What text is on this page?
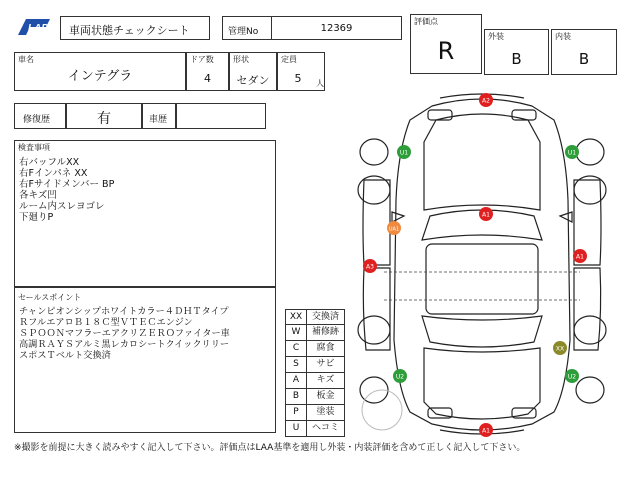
LAP	車両状態チェックシート	管理No	12369
評価点
R
外装
B
内装
B
車名
インテグラ
ドア数
4
形状
セダン
定員
5	人
修復歴	有	車歴
検査事項
右バッフルXX
右Fインパネ XX
右Fサイドメンバー BP
各キズ凹
ルーム内スレヨゴレ
下廻りP
セールスポイント
チャンピオンシップホワイトカラー４ＤＨＴタイプ
ＲフルエアロＢ１８Ｃ型ＶＴＥＣエンジン
ＳＰＯＯＮマフラーエアクリＺＥＲＯファイター車
高調ＲＡＹＳアルミ黒レカロシートクイックリリー
スポスＴベルト交換済
XX	交換済
W	補修跡
C	腐食
S	サビ
A	キズ
B	板金
P	塗装
U	ヘコミ
A2
U1	U1
A1
UA1
A1
A3
XX
U2	U2
A1
※撮影を前提に大きく読みやすく記入して下さい。評価点はLAA基準を適用し外装・内装評価を含めて正しく記入して下さい。
